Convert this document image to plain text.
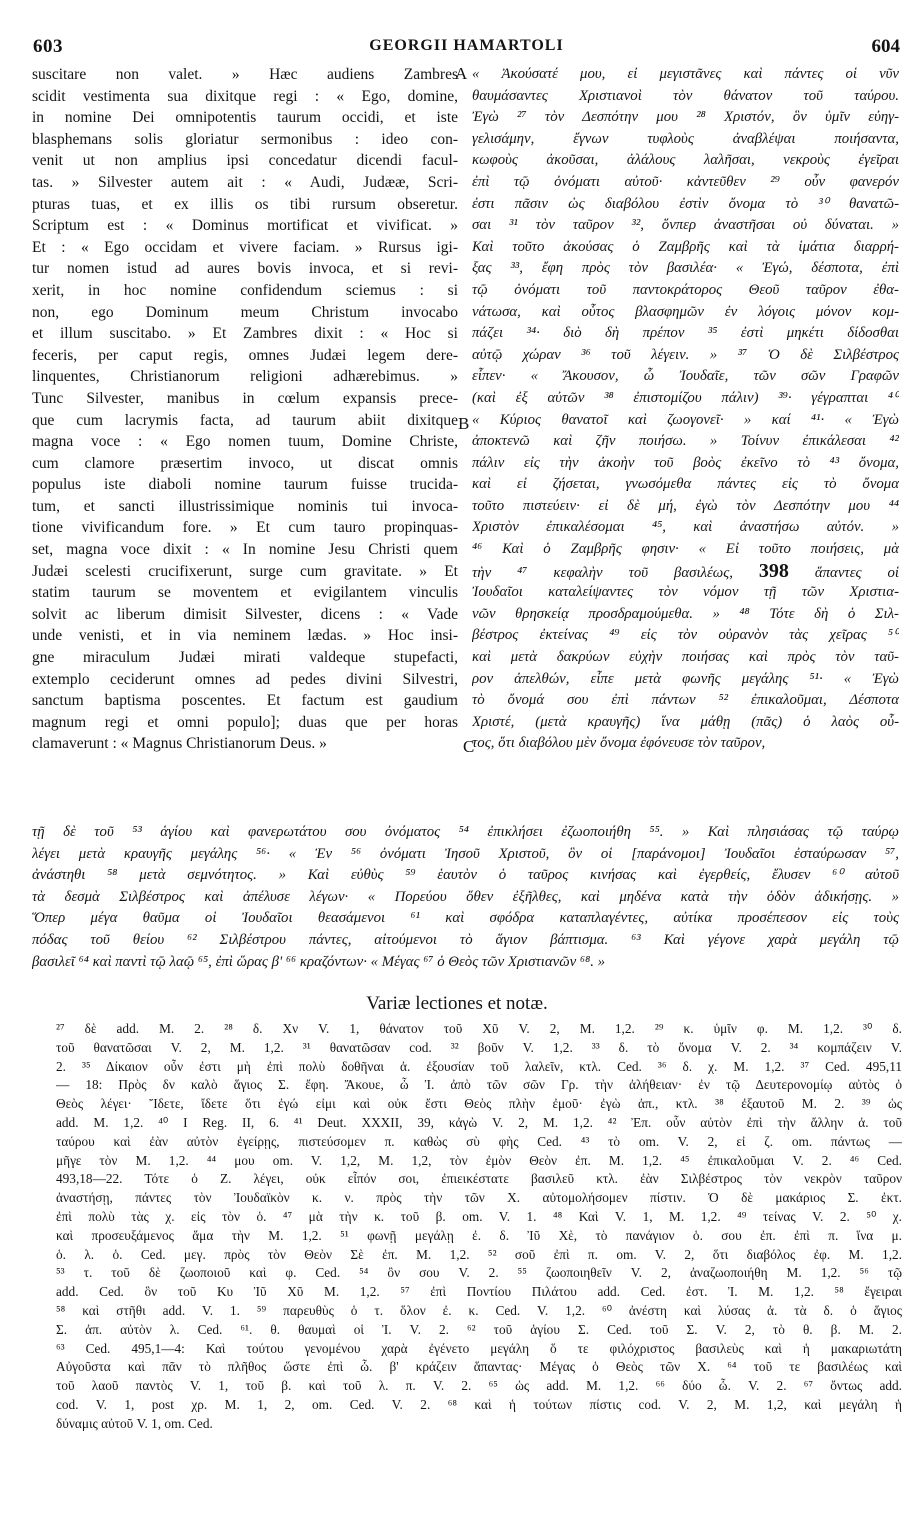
603	GEORGII HAMARTOLI	604
suscitare non valet. » Hæc audiens Zambres
scidit vestimenta sua dixitque regi : « Ego, domine,
in nomine Dei omnipotentis taurum occidi, et iste
blasphemans solis gloriatur sermonibus : ideo con-
venit ut non amplius ipsi concedatur dicendi facul-
tas. » Silvester autem ait : « Audi, Judææ, Scri-
pturas tuas, et ex illis os tibi rursum obseretur.
Scriptum est : « Dominus mortificat et vivificat. »
Et : « Ego occidam et vivere faciam. » Rursus igi-
tur nomen istud ad aures bovis invoca, et si revi-
xerit, in hoc nomine confidendum sciemus : si
non, ego Dominum meum Christum invocabo
et illum suscitabo. » Et Zambres dixit : « Hoc si
feceris, per caput regis, omnes Judæi legem dere-
linquentes, Christianorum religioni adhærebimus. »
Tunc Silvester, manibus in cœlum expansis prece-
que cum lacrymis facta, ad taurum abiit dixitque
magna voce : « Ego nomen tuum, Domine Christe,
cum clamore præsertim invoco, ut discat omnis
populus iste diaboli nomine taurum fuisse trucida-
tum, et sancti illustrissimique nominis tui invoca-
tione vivificandum fore. » Et cum tauro propinquas-
set, magna voce dixit : « In nomine Jesu Christi quem
Judæi scelesti crucifixerunt, surge cum gravitate. » Et
statim taurum se moventem et evigilantem vinculis
solvit ac liberum dimisit Silvester, dicens : « Vade
unde venisti, et in via neminem lædas. » Hoc insi-
gne miraculum Judæi mirati valdeque stupefacti,
extemplo ceciderunt omnes ad pedes divini Silvestri,
sanctum baptisma poscentes. Et factum est gaudium
magnum regi et omni populo]; duas que per horas
clamaverunt : « Magnus Christianorum Deus. »
« Ἀκούσατέ μου, εἰ μεγιστᾶνες καὶ πάντες οἱ νῦν
θαυμάσαντες Χριστιανοὶ τὸν θάνατον τοῦ ταύρου.
Ἐγὼ ²⁷ τὸν Δεσπότην μου ²⁸ Χριστόν, ὃν ὑμῖν εὐηγ-
γελισάμην, ἔγνων τυφλοὺς ἀναβλέψαι ποιήσαντα,
κωφοὺς ἀκοῦσαι, ἀλάλους λαλῆσαι, νεκροὺς ἐγεῖραι
ἐπὶ τῷ ὀνόματι αὐτοῦ· κἀντεῦθεν ²⁹ οὖν φανερόν
ἐστι πᾶσιν ὡς διαβόλου ἐστὶν ὄνομα τὸ ³⁰ θανατῶ-
σαι ³¹ τὸν ταῦρον ³², ὅνπερ ἀναστῆσαι οὐ δύναται. »
Καὶ τοῦτο ἀκούσας ὁ Ζαμβρῆς καὶ τὰ ἱμάτια διαρρή-
ξας ³³, ἔφη πρὸς τὸν βασιλέα· « Ἐγώ, δέσποτα, ἐπὶ
τῷ ὀνόματι τοῦ παντοκράτορος Θεοῦ ταῦρον ἐθα-
νάτωσα, καὶ οὗτος βλασφημῶν ἐν λόγοις μόνον κομ-
πάζει ³⁴· διὸ δὴ πρέπον ³⁵ ἐστὶ μηκέτι δίδοσθαι
αὐτῷ χώραν ³⁶ τοῦ λέγειν. » ³⁷ Ὁ δὲ Σιλβέστρος
εἶπεν· « Ἄκουσον, ὦ Ἰουδαῖε, τῶν σῶν Γραφῶν
(καὶ ἐξ αὐτῶν ³⁸ ἐπιστομίζου πάλιν) ³⁹· γέγραπται ⁴⁰
« Κύριος θανατοῖ καὶ ζωογονεῖ· » καί ⁴¹· « Ἐγὼ
ἀποκτενῶ καὶ ζῆν ποιήσω. » Τοίνυν ἐπικάλεσαι ⁴²
πάλιν εἰς τὴν ἀκοὴν τοῦ βοὸς ἐκεῖνο τὸ ⁴³ ὄνομα,
καὶ εἰ ζήσεται, γνωσόμεθα πάντες εἰς τὸ ὄνομα
τοῦτο πιστεύειν· εἰ δὲ μή, ἐγὼ τὸν Δεσπότην μου ⁴⁴
Χριστὸν ἐπικαλέσομαι ⁴⁵, καὶ ἀναστήσω αὐτόν. »
⁴⁶ Καὶ ὁ Ζαμβρῆς φησιν· « Εἰ τοῦτο ποιήσεις, μὰ
τὴν ⁴⁷ κεφαλὴν τοῦ βασιλέως, 398 ἅπαντες οἱ
Ἰουδαῖοι καταλείψαντες τὸν νόμον τῇ τῶν Χριστια-
νῶν θρησκείᾳ προσδραμούμεθα. » ⁴⁸ Τότε δὴ ὁ Σιλ-
βέστρος ἐκτείνας ⁴⁹ εἰς τὸν οὐρανὸν τὰς χεῖρας ⁵⁰
καὶ μετὰ δακρύων εὐχὴν ποιήσας καὶ πρὸς τὸν ταῦ-
ρον ἀπελθών, εἶπε μετὰ φωνῆς μεγάλης ⁵¹· « Ἐγὼ
τὸ ὄνομά σου ἐπὶ πάντων ⁵² ἐπικαλοῦμαι, Δέσποτα
Χριστέ, (μετὰ κραυγῆς) ἵνα μάθῃ (πᾶς) ὁ λαὸς οὗ-
τος, ὅτι διαβόλου μὲν ὄνομα ἐφόνευσε τὸν ταῦρον,
A
B
C
τῇ δὲ τοῦ ⁵³ ἁγίου καὶ φανερωτάτου σου ὀνόματος ⁵⁴ ἐπικλήσει ἐζωοποιήθη ⁵⁵. » Καὶ πλησιάσας τῷ ταύρῳ
λέγει μετὰ κραυγῆς μεγάλης ⁵⁶· « Ἐν ⁵⁶ ὀνόματι Ἰησοῦ Χριστοῦ, ὃν οἱ [παράνομοι] Ἰουδαῖοι ἐσταύρωσαν ⁵⁷,
ἀνάστηθι ⁵⁸ μετὰ σεμνότητος. » Καὶ εὐθὺς ⁵⁹ ἑαυτὸν ὁ ταῦρος κινήσας καὶ ἐγερθείς, ἔλυσεν ⁶⁰ αὐτοῦ
τὰ δεσμὰ Σιλβέστρος καὶ ἀπέλυσε λέγων· « Πορεύου ὅθεν ἐξῆλθες, καὶ μηδένα κατὰ τὴν ὁδὸν ἀδικήσῃς. »
Ὅπερ μέγα θαῦμα οἱ Ἰουδαῖοι θεασάμενοι ⁶¹ καὶ σφόδρα καταπλαγέντες, αὐτίκα προσέπεσον εἰς τοὺς
πόδας τοῦ θείου ⁶² Σιλβέστρου πάντες, αἰτούμενοι τὸ ἅγιον βάπτισμα. ⁶³ Καὶ γέγονε χαρὰ μεγάλη τῷ
βασιλεῖ ⁶⁴ καὶ παντὶ τῷ λαῷ ⁶⁵, ἐπὶ ὥρας β' ⁶⁶ κραζόντων· « Μέγας ⁶⁷ ὁ Θεὸς τῶν Χριστιανῶν ⁶⁸. »
Variæ lectiones et notæ.
²⁷ δὲ add. M. 2. ²⁸ δ. Χν V. 1, θάνατον τοῦ Χῦ V. 2, M. 1,2. ²⁹ κ. ὑμῖν φ. M. 1,2. ³⁰ δ.
τοῦ θανατῶσαι V. 2, M. 1,2. ³¹ θανατῶσαν cod. ³² βοῦν V. 1,2. ³³ δ. τὸ ὄνομα V. 2. ³⁴ κομπάζειν V.
2. ³⁵ Δίκαιον οὖν ἐστι μὴ ἐπὶ πολὺ δοθῆναι ἀ. ἐξουσίαν τοῦ λαλεῖν, κτλ. Ced. ³⁶ δ. χ. M. 1,2. ³⁷ Ced. 495,11
— 18: Πρὸς δν καλὸ ἅγιος Σ. ἔφη. Ἄκουε, ὦ Ἰ. ἀπὸ τῶν σῶν Γρ. τὴν ἀλήθειαν· ἐν τῷ Δευτερονομίῳ αὐτὸς ὁ
Θεὸς λέγει· Ἴδετε, ἴδετε ὅτι ἐγώ εἰμι καὶ οὐκ ἔστι Θεὸς πλὴν ἐμοῦ· ἐγὼ ἀπ., κτλ. ³⁸ ἐξαυτοῦ M. 2. ³⁹ ὡς
add. M. 1,2. ⁴⁰ I Reg. II, 6. ⁴¹ Deut. XXXII, 39, κἀγὼ V. 2, M. 1,2. ⁴² Ἐπ. οὖν αὐτὸν ἐπὶ τὴν ἄλλην ἀ. τοῦ
ταύρου καὶ ἐὰν αὐτὸν ἐγείρῃς, πιστεύσομεν π. καθὼς σὺ φὴς Ced. ⁴³ τὸ om. V. 2, εἰ ζ. om. πάντως —
μῆγε τὸν M. 1,2. ⁴⁴ μου om. V. 1,2, M. 1,2, τὸν ἐμὸν Θεὸν ἐπ. M. 1,2. ⁴⁵ ἐπικαλοῦμαι V. 2. ⁴⁶ Ced.
493,18—22. Τότε ὁ Ζ. λέγει, οὐκ εἶπόν σοι, ἐπιεικέστατε βασιλεῦ κτλ. ἐὰν Σιλβέστρος τὸν νεκρὸν ταῦρον
ἀναστήσῃ, πάντες τὸν Ἰουδαϊκὸν κ. ν. πρὸς τὴν τῶν Χ. αὐτομολήσομεν πίστιν. Ὁ δὲ μακάριος Σ. ἐκτ.
ἐπὶ πολὺ τὰς χ. εἰς τὸν ὁ. ⁴⁷ μὰ τὴν κ. τοῦ β. om. V. 1. ⁴⁸ Καὶ V. 1, M. 1,2. ⁴⁹ τείνας V. 2. ⁵⁰ χ.
καὶ προσευξάμενος ἅμα τὴν M. 1,2. ⁵¹ φωνῇ μεγάλῃ ἐ. δ. Ἰῦ Χὲ, τὸ πανάγιον ὁ. σου ἐπ. ἐπὶ π. ἵνα μ.
ὁ. λ. ὁ. Ced. μεγ. πρὸς τὸν Θεὸν Σὲ ἐπ. M. 1,2. ⁵² σοῦ ἐπὶ π. om. V. 2, ὅτι διαβόλος ἐφ. M. 1,2.
⁵³ τ. τοῦ δὲ ζωοποιοῦ καὶ φ. Ced. ⁵⁴ ὂν σου V. 2. ⁵⁵ ζωοποιηθεῖν V. 2, ἀναζωοποιήθη M. 1,2. ⁵⁶ τῷ
add. Ced. ὃν τοῦ Κυ Ἰῦ Χῦ M. 1,2. ⁵⁷ ἐπὶ Ποντίου Πιλάτου add. Ced. ἐστ. Ἰ. M. 1,2. ⁵⁸ ἔγειραι
⁵⁸ καὶ στῆθι add. V. 1. ⁵⁹ παρευθὺς ὁ τ. ὅλον ἐ. κ. Ced. V. 1,2. ⁶⁰ ἀνέστη καὶ λύσας ἀ. τὰ δ. ὁ ἅγιος
Σ. ἀπ. αὐτὸν λ. Ced. ⁶¹. θ. θαυμαὶ οἱ Ἰ. V. 2. ⁶² τοῦ ἁγίου Σ. Ced. τοῦ Σ. V. 2, τὸ θ. β. M. 2.
⁶³ Ced. 495,1—4: Καὶ τούτου γενομένου χαρὰ ἐγένετο μεγάλη ὅ τε φιλόχριστος βασιλεὺς καὶ ἡ μακαριωτάτη
Αὐγοῦστα καὶ πᾶν τὸ πλῆθος ὥστε ἐπὶ ὧ. β' κράζειν ἅπαντας· Μέγας ὁ Θεὸς τῶν Χ. ⁶⁴ τοῦ τε βασιλέως καὶ
τοῦ λαοῦ παντὸς V. 1, τοῦ β. καὶ τοῦ λ. π. V. 2. ⁶⁵ ὡς add. M. 1,2. ⁶⁶ δύο ὧ. V. 2. ⁶⁷ ὄντως add.
cod. V. 1, post χρ. M. 1, 2, om. Ced. V. 2. ⁶⁸ καὶ ἡ τούτων πίστις cod. V. 2, M. 1,2, καὶ μεγάλη ἡ
δύναμις αὐτοῦ V. 1, om. Ced.
